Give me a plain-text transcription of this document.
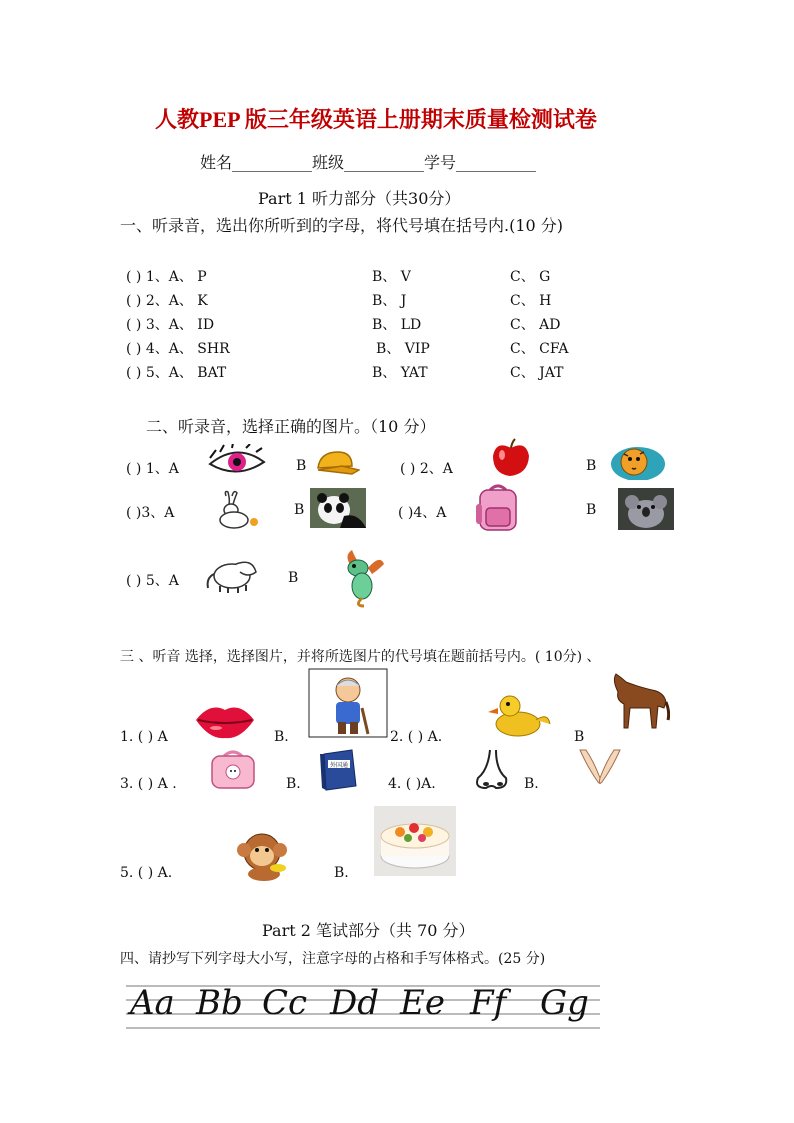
人教PEP 版三年级英语上册期末质量检测试卷
姓名__________班级__________学号__________
Part 1 听力部分（共30分）
一、听录音，选出你所听到的字母，将代号填在括号内.(10 分)
( ) 1、A、 P	B、 V	C、 G
( ) 2、A、 K	B、 J	C、 H
( ) 3、A、 ID	B、 LD	C、 AD
( ) 4、A、 SHR	B、 VIP	C、 CFA
( ) 5、A、 BAT	B、 YAT	C、 JAT
二、听录音，选择正确的图片。（10 分）
( ) 1、A	B	( ) 2、A	B
( )3、A	B	( )4、A	B
( ) 5、A	B
三 、听音 选择，选择图片，并将所选图片的代号填在题前括号内。( 10分) 、
1. ( ) A	B.	2. ( ) A.	B
3. ( ) A .	B.
外国通
4. ( )A.	B.
5. ( ) A.	B.
Part 2 笔试部分（共 70 分）
四、请抄写下列字母大小写，注意字母的占格和手写体格式。(25 分)
Aa Bb Cc Dd Ee Ff Gg
